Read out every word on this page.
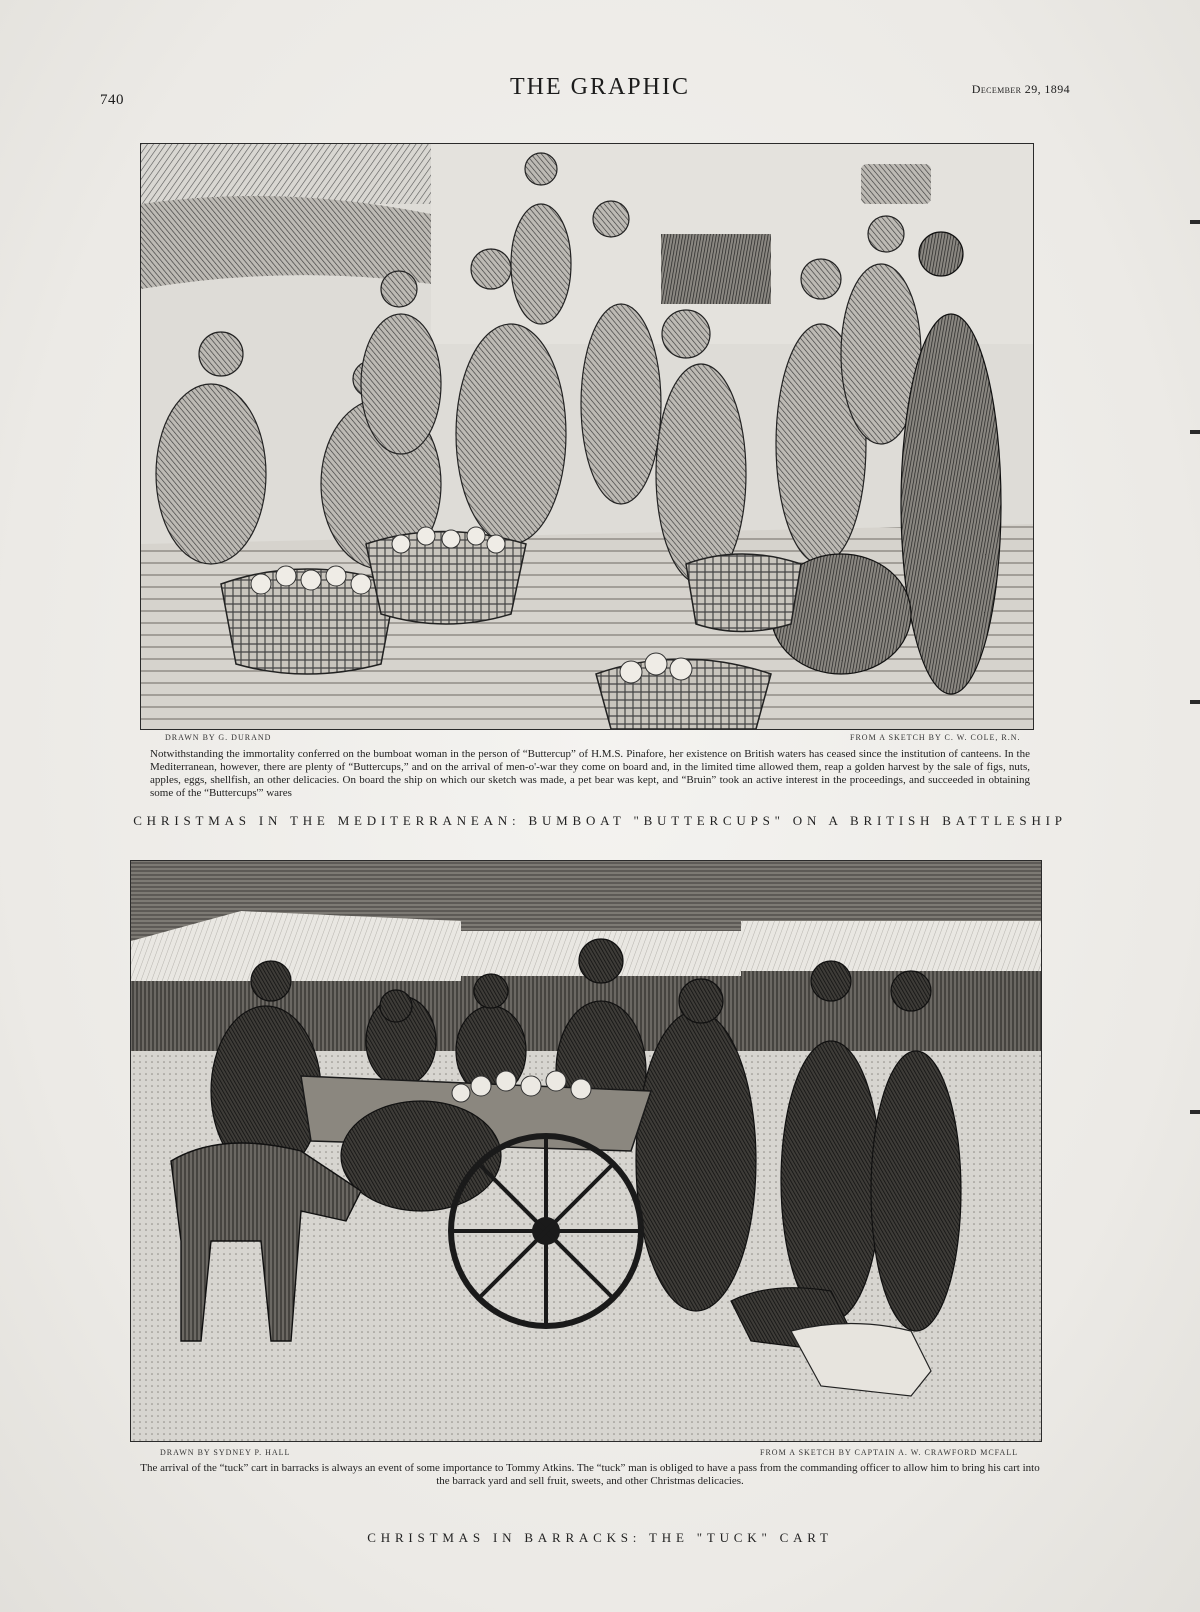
740	THE GRAPHIC	December 29, 1894
DRAWN BY G. DURAND	FROM A SKETCH BY C. W. COLE, R.N.
Notwithstanding the immortality conferred on the bumboat woman in the person of “Buttercup” of H.M.S. Pinafore, her existence on British waters has ceased since the institution of canteens. In the Mediterranean, however, there are plenty of “Buttercups,” and on the arrival of men-o'-war they come on board and, in the limited time allowed them, reap a golden harvest by the sale of figs, nuts, apples, eggs, shellfish, an other delicacies. On board the ship on which our sketch was made, a pet bear was kept, and “Bruin” took an active interest in the proceedings, and succeeded in obtaining some of the “Buttercups'” wares
CHRISTMAS IN THE MEDITERRANEAN: BUMBOAT "BUTTERCUPS" ON A BRITISH BATTLESHIP
DRAWN BY SYDNEY P. HALL	FROM A SKETCH BY CAPTAIN A. W. CRAWFORD MCFALL
The arrival of the “tuck” cart in barracks is always an event of some importance to Tommy Atkins. The “tuck” man is obliged to have a pass from the commanding officer to allow him to bring his cart into the barrack yard and sell fruit, sweets, and other Christmas delicacies.
CHRISTMAS IN BARRACKS: THE "TUCK" CART
